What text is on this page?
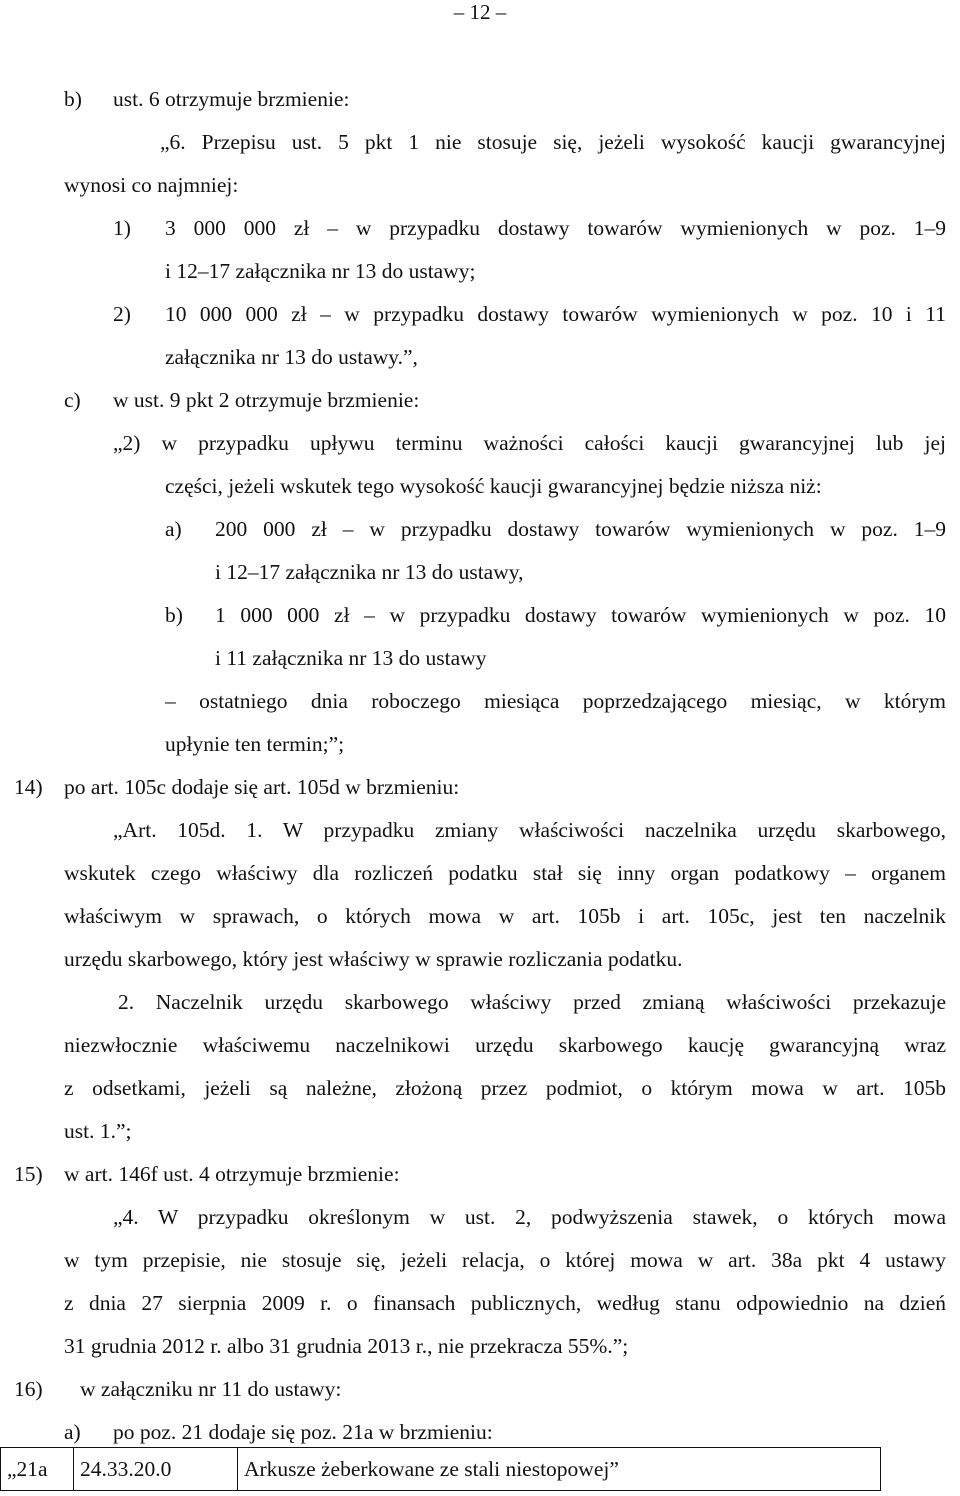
– 12 –
b) ust. 6 otrzymuje brzmienie:
„6. Przepisu ust. 5 pkt 1 nie stosuje się, jeżeli wysokość kaucji gwarancyjnej
wynosi co najmniej:
1) 3 000 000 zł – w przypadku dostawy towarów wymienionych w poz. 1–9
i 12–17 załącznika nr 13 do ustawy;
2) 10 000 000 zł – w przypadku dostawy towarów wymienionych w poz. 10 i 11
załącznika nr 13 do ustawy.”,
c) w ust. 9 pkt 2 otrzymuje brzmienie:
„2) w przypadku upływu terminu ważności całości kaucji gwarancyjnej lub jej
części, jeżeli wskutek tego wysokość kaucji gwarancyjnej będzie niższa niż:
a) 200 000 zł – w przypadku dostawy towarów wymienionych w poz. 1–9
i 12–17 załącznika nr 13 do ustawy,
b) 1 000 000 zł – w przypadku dostawy towarów wymienionych w poz. 10
i 11 załącznika nr 13 do ustawy
– ostatniego dnia roboczego miesiąca poprzedzającego miesiąc, w którym
upłynie ten termin;”;
14) po art. 105c dodaje się art. 105d w brzmieniu:
„Art. 105d. 1. W przypadku zmiany właściwości naczelnika urzędu skarbowego,
wskutek czego właściwy dla rozliczeń podatku stał się inny organ podatkowy – organem
właściwym w sprawach, o których mowa w art. 105b i art. 105c, jest ten naczelnik
urzędu skarbowego, który jest właściwy w sprawie rozliczania podatku.
2. Naczelnik urzędu skarbowego właściwy przed zmianą właściwości przekazuje
niezwłocznie właściwemu naczelnikowi urzędu skarbowego kaucję gwarancyjną wraz
z odsetkami, jeżeli są należne, złożoną przez podmiot, o którym mowa w art. 105b
ust. 1.”;
15) w art. 146f ust. 4 otrzymuje brzmienie:
„4. W przypadku określonym w ust. 2, podwyższenia stawek, o których mowa
w tym przepisie, nie stosuje się, jeżeli relacja, o której mowa w art. 38a pkt 4 ustawy
z dnia 27 sierpnia 2009 r. o finansach publicznych, według stanu odpowiednio na dzień
31 grudnia 2012 r. albo 31 grudnia 2013 r., nie przekracza 55%.”;
16) w załączniku nr 11 do ustawy:
a) po poz. 21 dodaje się poz. 21a w brzmieniu:
„21a	24.33.20.0	Arkusze żeberkowane ze stali niestopowej”
